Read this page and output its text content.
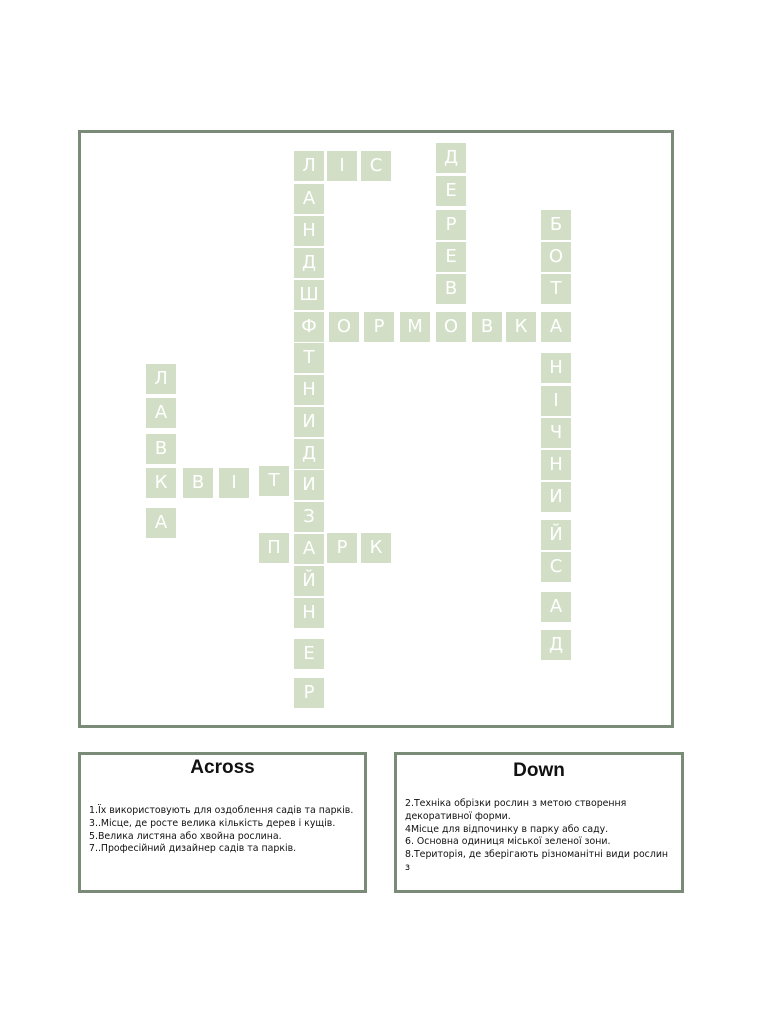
Л	І	С	Д
Е
Р
Е
В
А
Н
Д
Ш
Ф
Т
Н
И
Д
И
З
А
Й
Н
Е
Р
О	Р	М	О	В	К	А
Б
О
Т
Н
І
Ч
Н
И
Й
С
А
Д
Л
А
В
К
А
В	І	Т
П	Р	К
Across
1.Їх використовують для оздоблення садів та парків.
3..Місце, де росте велика кількість дерев і кущів.
5.Велика листяна або хвойна рослина.
7..Професійний дизайнер садів та парків.
Down
2.Техніка обрізки рослин з метою створення декоративної форми.
4Місце для відпочинку в парку або саду.
6. Основна одиниця міської зеленої зони.
8.Територія, де зберігають різноманітні види рослин з
